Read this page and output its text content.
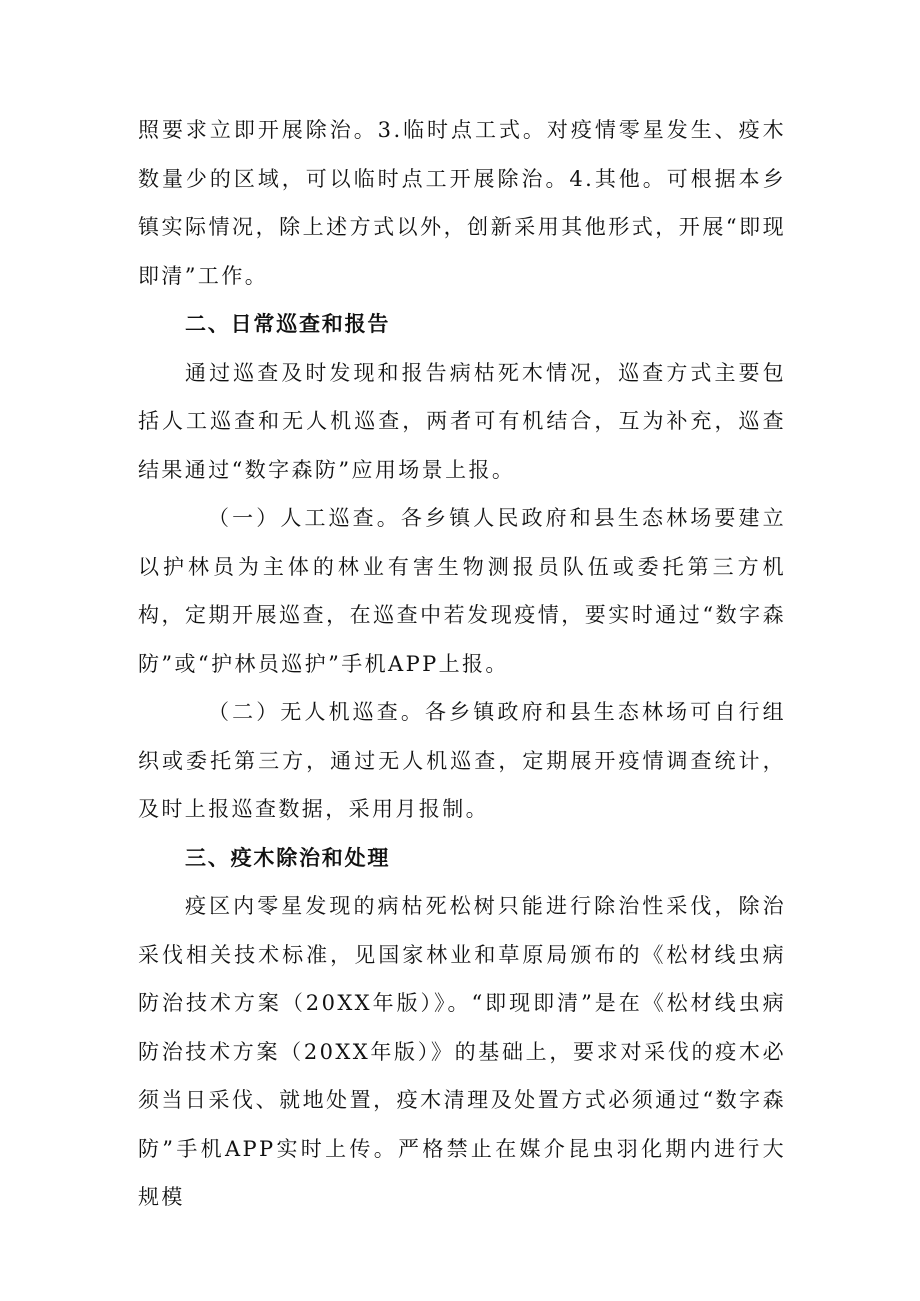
照要求立即开展除治。3.临时点工式。对疫情零星发生、疫木数量少的区域，可以临时点工开展除治。4.其他。可根据本乡镇实际情况，除上述方式以外，创新采用其他形式，开展“即现即清”工作。

二、日常巡查和报告

通过巡查及时发现和报告病枯死木情况，巡查方式主要包括人工巡查和无人机巡查，两者可有机结合，互为补充，巡查结果通过“数字森防”应用场景上报。

（一）人工巡查。各乡镇人民政府和县生态林场要建立以护林员为主体的林业有害生物测报员队伍或委托第三方机构，定期开展巡查，在巡查中若发现疫情，要实时通过“数字森防”或“护林员巡护”手机APP上报。

（二）无人机巡查。各乡镇政府和县生态林场可自行组织或委托第三方，通过无人机巡查，定期展开疫情调查统计，及时上报巡查数据，采用月报制。

三、疫木除治和处理

疫区内零星发现的病枯死松树只能进行除治性采伐，除治采伐相关技术标准，见国家林业和草原局颁布的《松材线虫病防治技术方案（20XX年版）》。“即现即清”是在《松材线虫病防治技术方案（20XX年版）》的基础上，要求对采伐的疫木必须当日采伐、就地处置，疫木清理及处置方式必须通过“数字森防”手机APP实时上传。严格禁止在媒介昆虫羽化期内进行大规模
